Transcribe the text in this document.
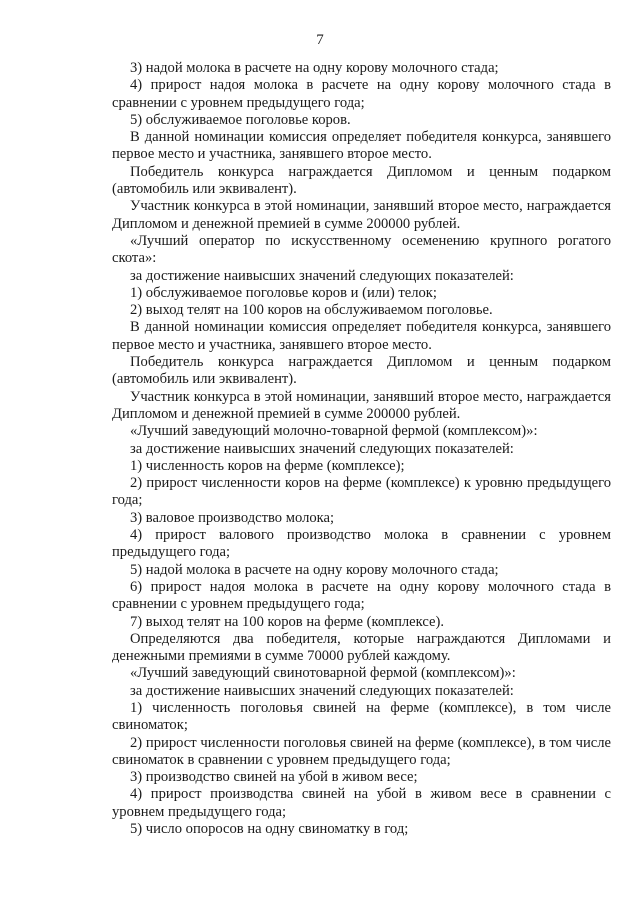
7

3) надой молока в расчете на одну корову молочного стада;

4) прирост надоя молока в расчете на одну корову молочного стада в сравнении с уровнем предыдущего года;

5) обслуживаемое поголовье коров.

В данной номинации комиссия определяет победителя конкурса, занявшего первое место и участника, занявшего второе место.

Победитель конкурса награждается Дипломом и ценным подарком (автомобиль или эквивалент).

Участник конкурса в этой номинации, занявший второе место, награждается Дипломом и денежной премией в сумме 200000 рублей.

«Лучший оператор по искусственному осеменению крупного рогатого скота»:

за достижение наивысших значений следующих показателей:

1) обслуживаемое поголовье коров и (или) телок;

2) выход телят на 100 коров на обслуживаемом поголовье.

В данной номинации комиссия определяет победителя конкурса, занявшего первое место и участника, занявшего второе место.

Победитель конкурса награждается Дипломом и ценным подарком (автомобиль или эквивалент).

Участник конкурса в этой номинации, занявший второе место, награждается Дипломом и денежной премией в сумме 200000 рублей.

«Лучший заведующий молочно-товарной фермой (комплексом)»:

за достижение наивысших значений следующих показателей:

1) численность коров на ферме (комплексе);

2) прирост численности коров на ферме (комплексе) к уровню предыдущего года;

3) валовое производство молока;

4) прирост валового производство молока в сравнении с уровнем предыдущего года;

5) надой молока в расчете на одну корову молочного стада;

6) прирост надоя молока в расчете на одну корову молочного стада в сравнении с уровнем предыдущего года;

7) выход телят на 100 коров на ферме (комплексе).

Определяются два победителя, которые награждаются Дипломами и денежными премиями в сумме 70000 рублей каждому.

«Лучший заведующий свинотоварной фермой (комплексом)»:

за достижение наивысших значений следующих показателей:

1) численность поголовья свиней на ферме (комплексе), в том числе свиноматок;

2) прирост численности поголовья свиней на ферме (комплексе), в том числе свиноматок в сравнении с уровнем предыдущего года;

3) производство свиней на убой в живом весе;

4) прирост производства свиней на убой в живом весе в сравнении с уровнем предыдущего года;

5) число опоросов на одну свиноматку в год;
